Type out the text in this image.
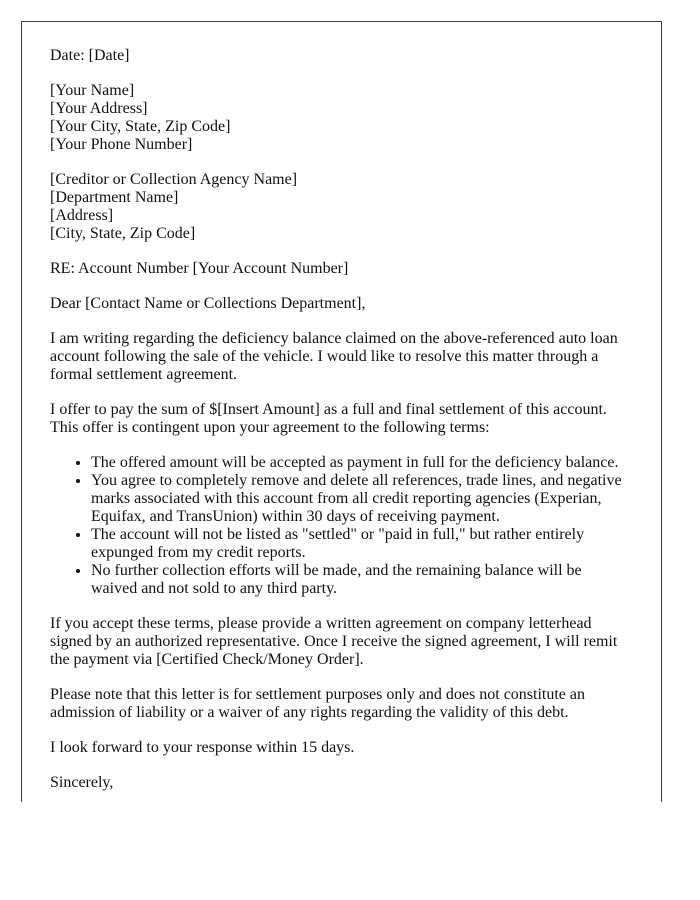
Date: [Date]

[Your Name]
[Your Address]
[Your City, State, Zip Code]
[Your Phone Number]
[Creditor or Collection Agency Name]
[Department Name]
[Address]
[City, State, Zip Code]

RE: Account Number [Your Account Number]

Dear [Contact Name or Collections Department],

I am writing regarding the deficiency balance claimed on the above-referenced auto loan account following the sale of the vehicle. I would like to resolve this matter through a formal settlement agreement.

I offer to pay the sum of $[Insert Amount] as a full and final settlement of this account. This offer is contingent upon your agreement to the following terms:

• The offered amount will be accepted as payment in full for the deficiency balance.
• You agree to completely remove and delete all references, trade lines, and negative marks associated with this account from all credit reporting agencies (Experian, Equifax, and TransUnion) within 30 days of receiving payment.
• The account will not be listed as "settled" or "paid in full," but rather entirely expunged from my credit reports.
• No further collection efforts will be made, and the remaining balance will be waived and not sold to any third party.

If you accept these terms, please provide a written agreement on company letterhead signed by an authorized representative. Once I receive the signed agreement, I will remit the payment via [Certified Check/Money Order].

Please note that this letter is for settlement purposes only and does not constitute an admission of liability or a waiver of any rights regarding the validity of this debt.

I look forward to your response within 15 days.

Sincerely,
